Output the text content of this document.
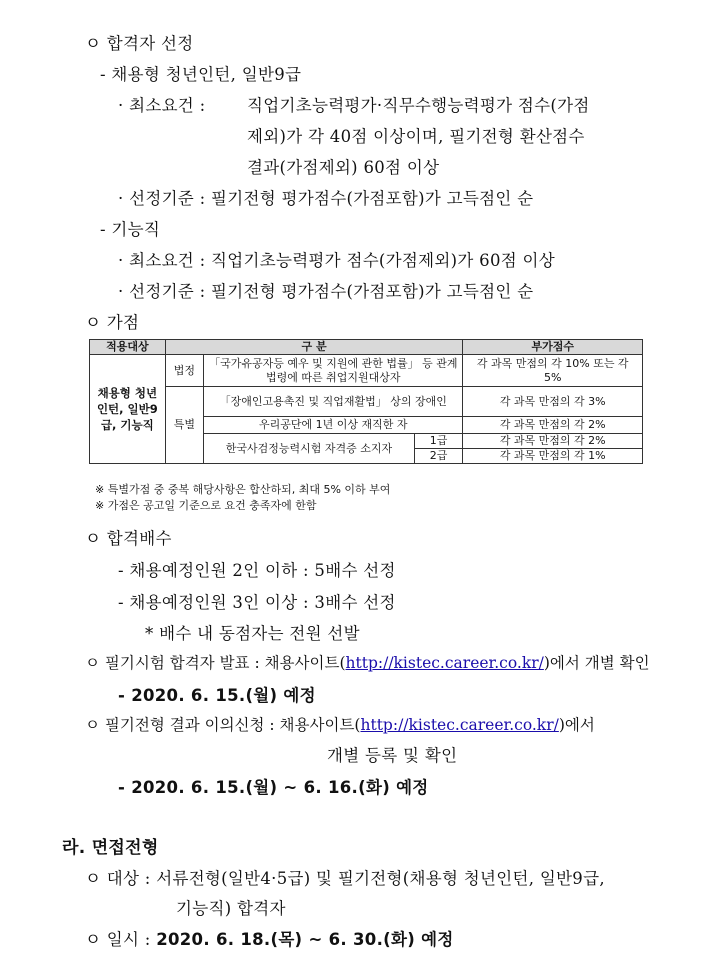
ㅇ 합격자 선정
- 채용형 청년인턴, 일반9급
· 최소요건 :	직업기초능력평가·직무수행능력평가 점수(가점
제외)가 각 40점 이상이며, 필기전형 환산점수
결과(가점제외) 60점 이상
· 선정기준 : 필기전형 평가점수(가점포함)가 고득점인 순
- 기능직
· 최소요건 : 직업기초능력평가 점수(가점제외)가 60점 이상
· 선정기준 : 필기전형 평가점수(가점포함)가 고득점인 순
ㅇ 가점
적용대상	구 분			부가점수
채용형 청년인턴, 일반9급, 기능직	법정	「국가유공자등 예우 및 지원에 관한 법률」 등 관계 법령에 따른 취업지원대상자		각 과목 만점의 각 10% 또는 각 5%
	특별	「장애인고용촉진 및 직업재활법」 상의 장애인		각 과목 만점의 각 3%
		우리공단에 1년 이상 재직한 자		각 과목 만점의 각 2%
		한국사검정능력시험 자격증 소지자	1급	각 과목 만점의 각 2%
			2급	각 과목 만점의 각 1%
※ 특별가점 중 중복 해당사항은 합산하되, 최대 5% 이하 부여
※ 가점은 공고일 기준으로 요건 충족자에 한함
ㅇ 합격배수
- 채용예정인원 2인 이하 : 5배수 선정
- 채용예정인원 3인 이상 : 3배수 선정
* 배수 내 동점자는 전원 선발
ㅇ 필기시험 합격자 발표 : 채용사이트(http://kistec.career.co.kr/)에서 개별 확인
- 2020. 6. 15.(월) 예정
ㅇ 필기전형 결과 이의신청 : 채용사이트(http://kistec.career.co.kr/)에서
개별 등록 및 확인
- 2020. 6. 15.(월) ~ 6. 16.(화) 예정
라. 면접전형
ㅇ 대상 : 서류전형(일반4·5급) 및 필기전형(채용형 청년인턴, 일반9급,
기능직) 합격자
ㅇ 일시 : 2020. 6. 18.(목) ~ 6. 30.(화) 예정
